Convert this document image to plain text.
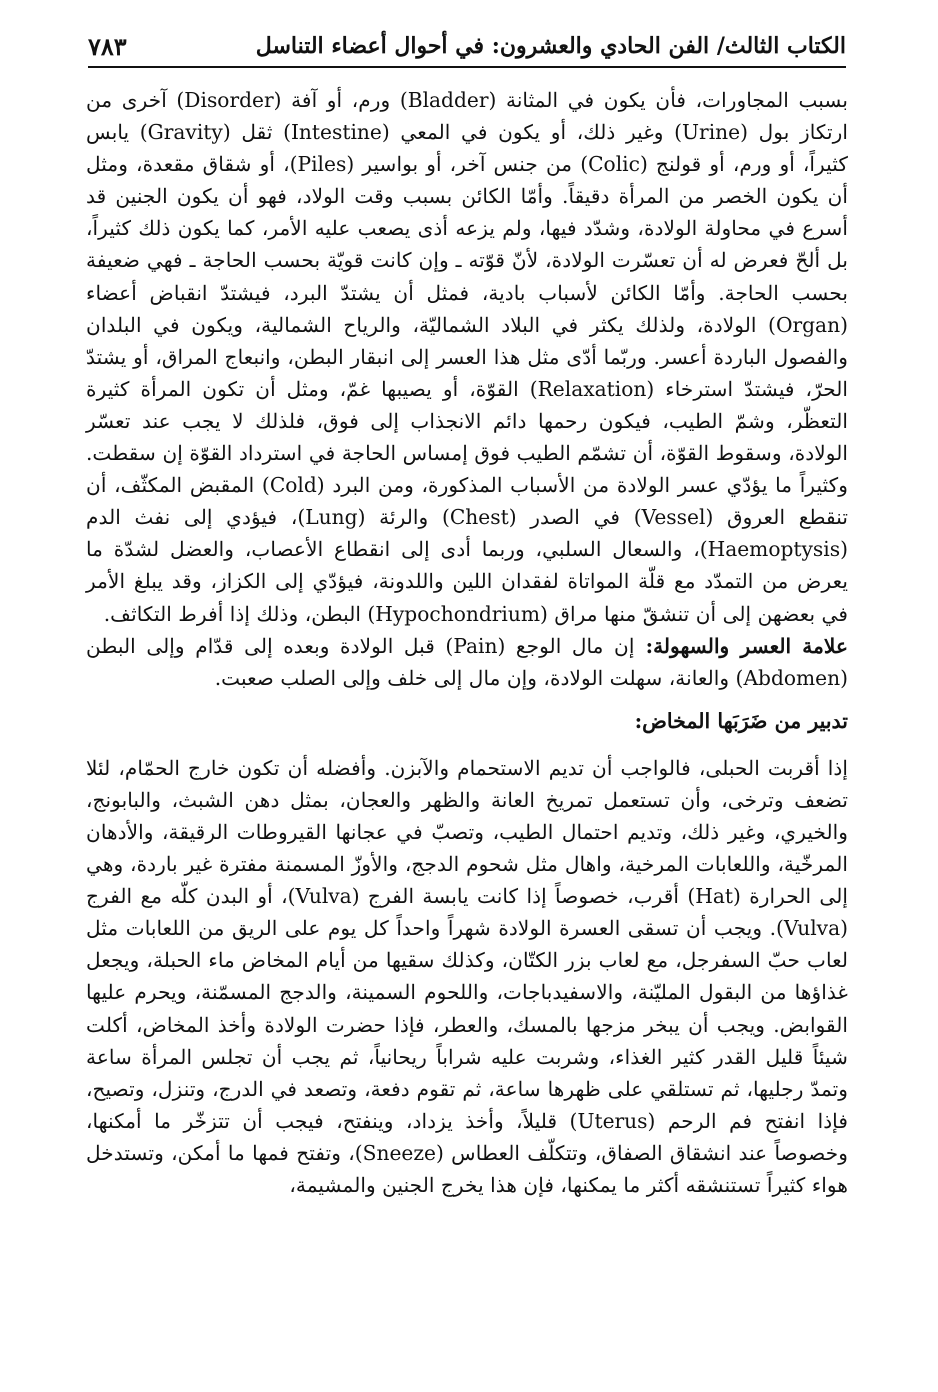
الكتاب الثالث/ الفن الحادي والعشرون: في أحوال أعضاء التناسل
٧٨٣

بسبب المجاورات، فأن يكون في المثانة (Bladder) ورم، أو آفة (Disorder) آخرى من ارتكاز بول (Urine) وغير ذلك، أو يكون في المعي (Intestine) ثقل (Gravity) يابس كثيراً، أو ورم، أو قولنج (Colic) من جنس آخر، أو بواسير (Piles)، أو شقاق مقعدة، ومثل أن يكون الخصر من المرأة دقيقاً. وأمّا الكائن بسبب وقت الولاد، فهو أن يكون الجنين قد أسرع في محاولة الولادة، وشدّد فيها، ولم يزعه أذى يصعب عليه الأمر، كما يكون ذلك كثيراً، بل ألحّ فعرض له أن تعسّرت الولادة، لأنّ قوّته ـ وإن كانت قويّة بحسب الحاجة ـ فهي ضعيفة بحسب الحاجة. وأمّا الكائن لأسباب بادية، فمثل أن يشتدّ البرد، فيشتدّ انقباض أعضاء (Organ) الولادة، ولذلك يكثر في البلاد الشماليّة، والرياح الشمالية، ويكون في البلدان والفصول الباردة أعسر. وربّما أدّى مثل هذا العسر إلى انبقار البطن، وانبعاج المراق، أو يشتدّ الحرّ، فيشتدّ استرخاء (Relaxation) القوّة، أو يصيبها غمّ، ومثل أن تكون المرأة كثيرة التعظّر، وشمّ الطيب، فيكون رحمها دائم الانجذاب إلى فوق، فلذلك لا يجب عند تعسّر الولادة، وسقوط القوّة، أن تشمّم الطيب فوق إمساس الحاجة في استرداد القوّة إن سقطت. وكثيراً ما يؤدّي عسر الولادة من الأسباب المذكورة، ومن البرد (Cold) المقبض المكثّف، أن تنقطع العروق (Vessel) في الصدر (Chest) والرئة (Lung)، فيؤدي إلى نفث الدم (Haemoptysis)، والسعال السلبي، وربما أدى إلى انقطاع الأعصاب، والعضل لشدّة ما يعرض من التمدّد مع قلّة المواتاة لفقدان اللين واللدونة، فيؤدّي إلى الكزاز، وقد يبلغ الأمر في بعضهن إلى أن تنشقّ منها مراق (Hypochondrium) البطن، وذلك إذا أفرط التكاثف.

علامة العسر والسهولة: إن مال الوجع (Pain) قبل الولادة وبعده إلى قدّام وإلى البطن (Abdomen) والعانة، سهلت الولادة، وإن مال إلى خلف وإلى الصلب صعبت.

تدبير من ضَرَبَها المخاض:

إذا أقربت الحبلى، فالواجب أن تديم الاستحمام والآبزن. وأفضله أن تكون خارج الحمّام، لئلا تضعف وترخى، وأن تستعمل تمريخ العانة والظهر والعجان، بمثل دهن الشبث، والبابونج، والخيري، وغير ذلك، وتديم احتمال الطيب، وتصبّ في عجانها القيروطات الرقيقة، والأدهان المرخّية، واللعابات المرخية، واهال مثل شحوم الدجج، والأوزّ المسمنة مفترة غير باردة، وهي إلى الحرارة (Hat) أقرب، خصوصاً إذا كانت يابسة الفرج (Vulva)، أو البدن كلّه مع الفرج (Vulva). ويجب أن تسقى العسرة الولادة شهراً واحداً كل يوم على الريق من اللعابات مثل لعاب حبّ السفرجل، مع لعاب بزر الكتّان، وكذلك سقيها من أيام المخاض ماء الحبلة، ويجعل غذاؤها من البقول المليّنة، والاسفيدباجات، واللحوم السمينة، والدجج المسمّنة، ويحرم عليها القوابض. ويجب أن يبخر مزجها بالمسك، والعطر، فإذا حضرت الولادة وأخذ المخاض، أكلت شيئاً قليل القدر كثير الغذاء، وشربت عليه شراباً ريحانياً، ثم يجب أن تجلس المرأة ساعة وتمدّ رجليها، ثم تستلقي على ظهرها ساعة، ثم تقوم دفعة، وتصعد في الدرج، وتنزل، وتصيح، فإذا انفتح فم الرحم (Uterus) قليلاً، وأخذ يزداد، وينفتح، فيجب أن تتزخّر ما أمكنها، وخصوصاً عند انشقاق الصفاق، وتتكلّف العطاس (Sneeze)، وتفتح فمها ما أمكن، وتستدخل هواء كثيراً تستنشقه أكثر ما يمكنها، فإن هذا يخرج الجنين والمشيمة،
